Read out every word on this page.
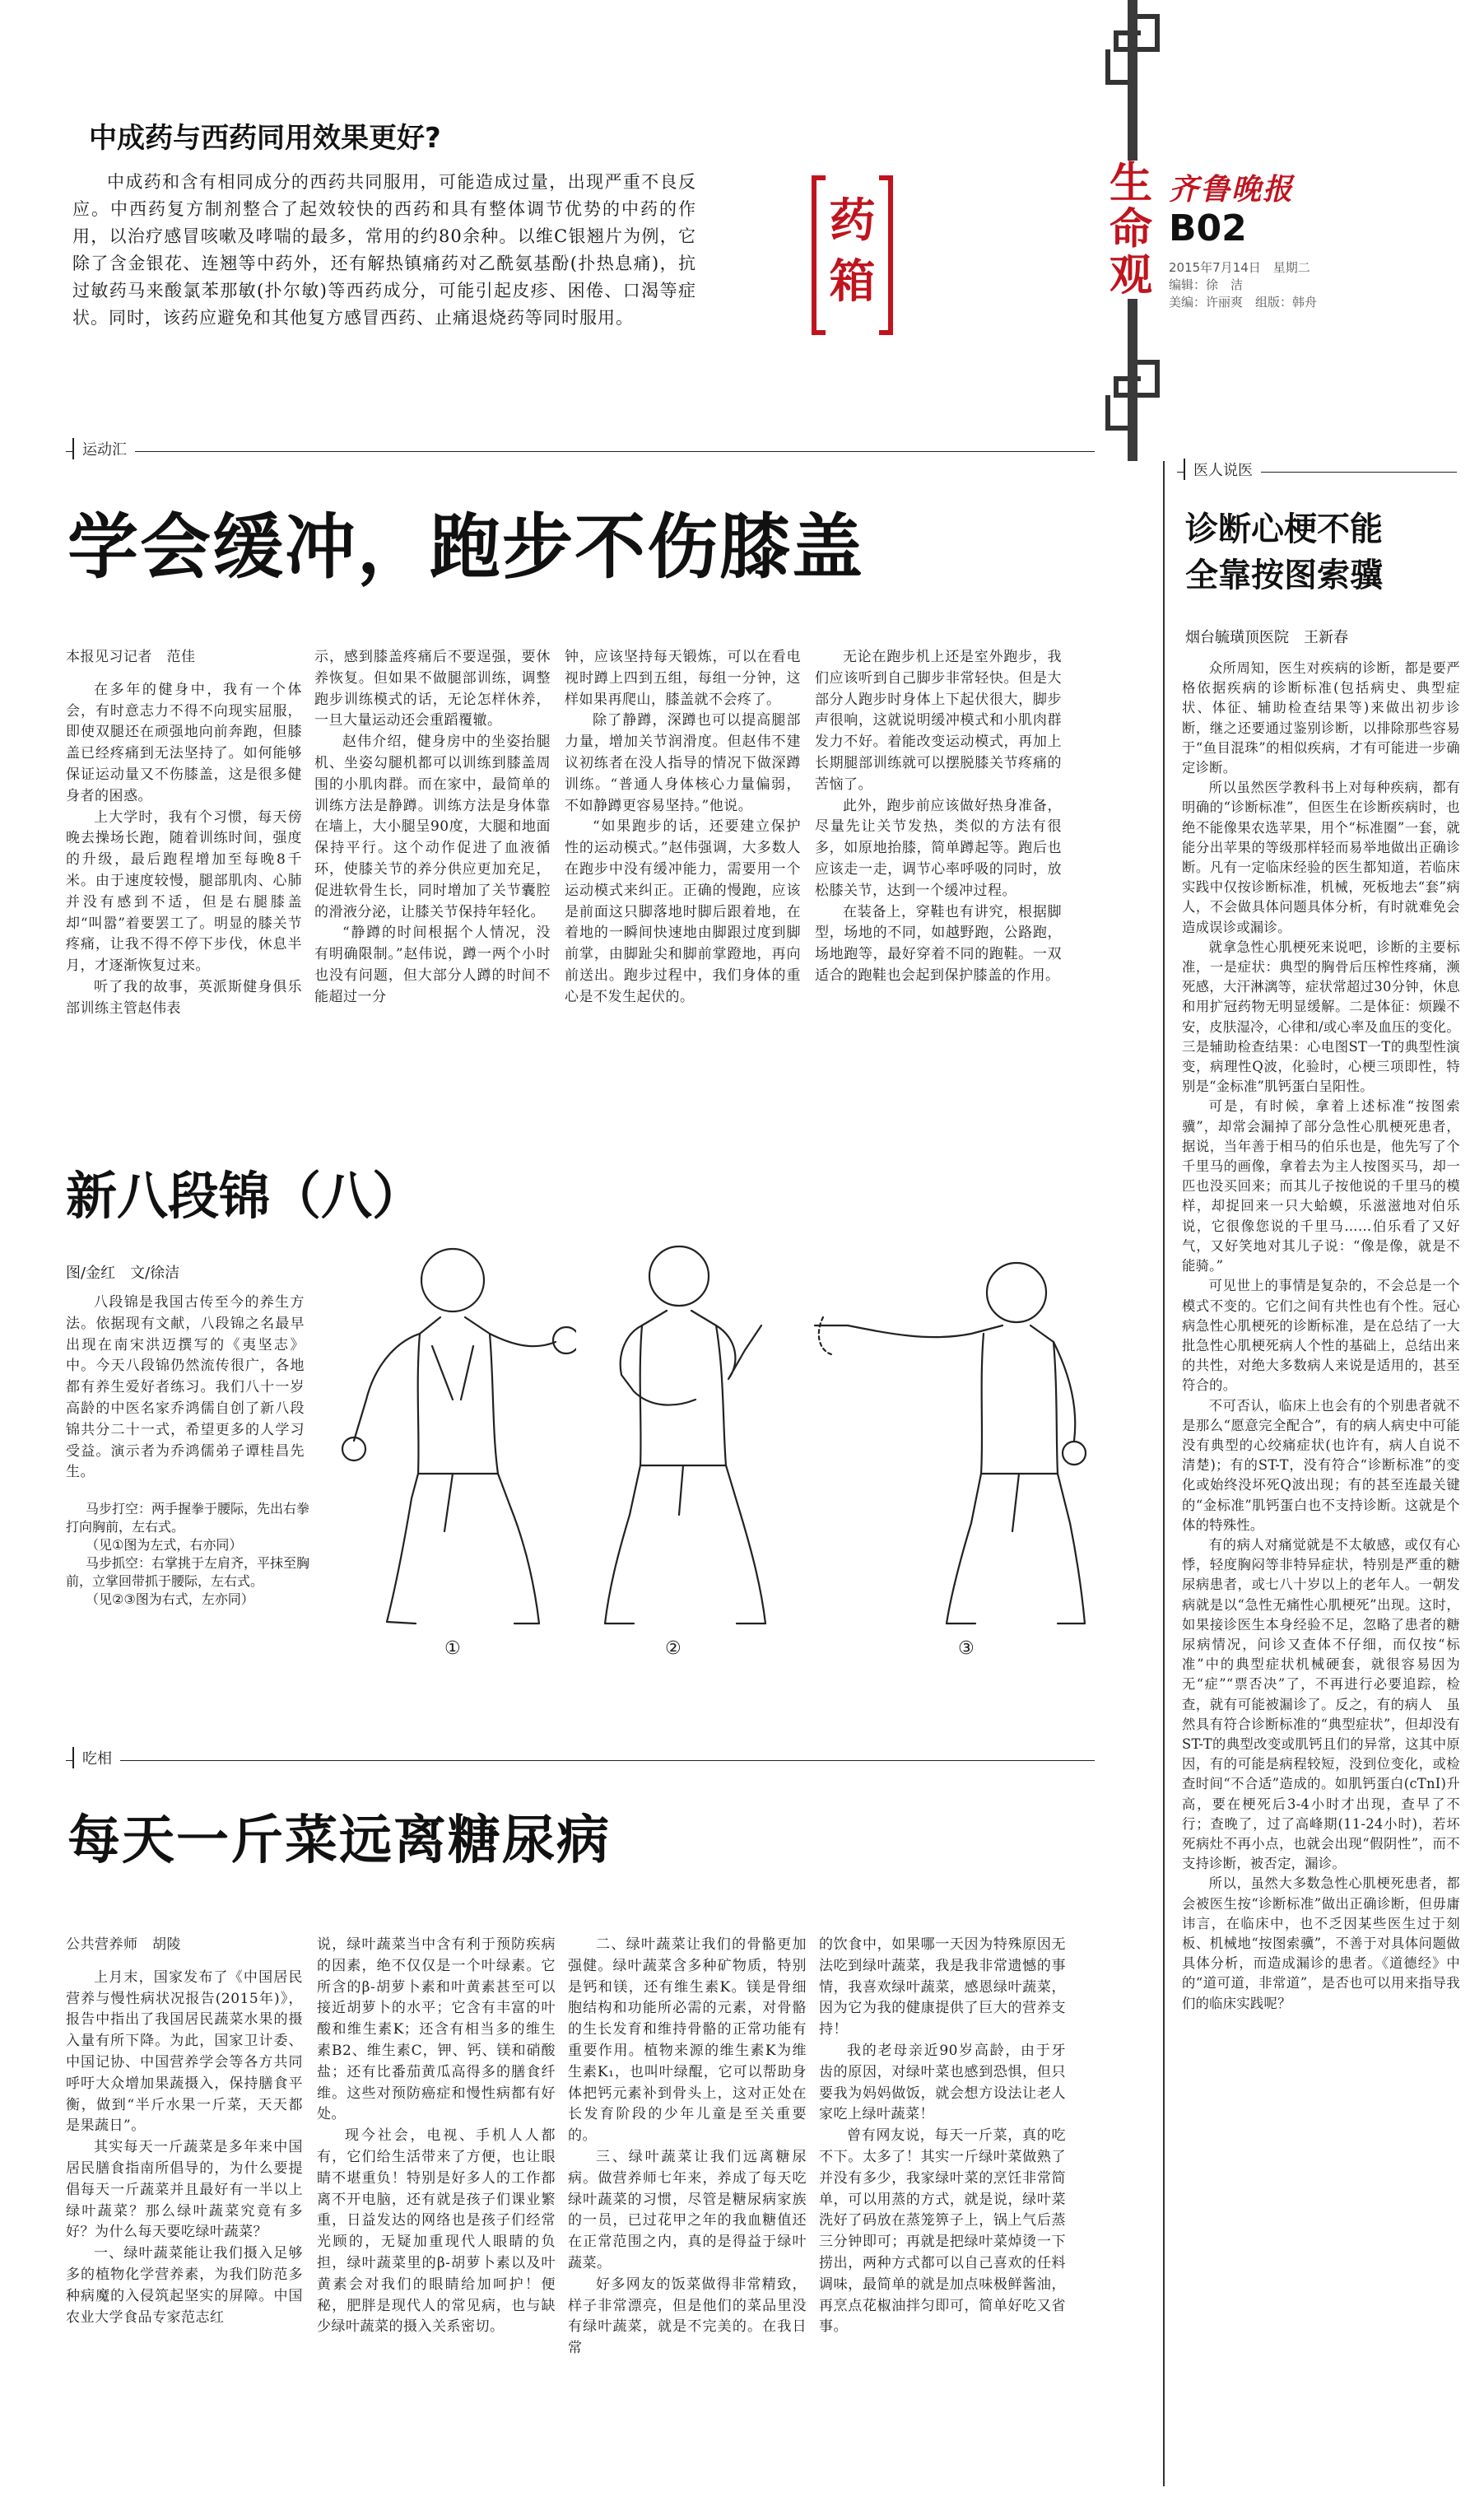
生
命
观
齐鲁晚报
B02
2015年7月14日　星期二
编辑：徐　洁
美编：许丽爽　组版：韩舟
中成药与西药同用效果更好?
中成药和含有相同成分的西药共同服用，可能造成过量，出现严重不良反应。中西药复方制剂整合了起效较快的西药和具有整体调节优势的中药的作用，以治疗感冒咳嗽及哮喘的最多，常用的约80余种。以维C银翘片为例，它除了含金银花、连翘等中药外，还有解热镇痛药对乙酰氨基酚(扑热息痛)，抗过敏药马来酸氯苯那敏(扑尔敏)等西药成分，可能引起皮疹、困倦、口渴等症状。同时，该药应避免和其他复方感冒西药、止痛退烧药等同时服用。
药
箱
运动汇
学会缓冲，跑步不伤膝盖

本报见习记者　范佳

在多年的健身中，我有一个体会，有时意志力不得不向现实屈服，即使双腿还在顽强地向前奔跑，但膝盖已经疼痛到无法坚持了。如何能够保证运动量又不伤膝盖，这是很多健身者的困惑。

上大学时，我有个习惯，每天傍晚去操场长跑，随着训练时间，强度的升级，最后跑程增加至每晚8千米。由于速度较慢，腿部肌肉、心肺并没有感到不适，但是右腿膝盖却“叫嚣”着要罢工了。明显的膝关节疼痛，让我不得不停下步伐，休息半月，才逐渐恢复过来。

听了我的故事，英派斯健身俱乐部训练主管赵伟表

示，感到膝盖疼痛后不要逞强，要休养恢复。但如果不做腿部训练，调整跑步训练模式的话，无论怎样休养，一旦大量运动还会重蹈覆辙。

赵伟介绍，健身房中的坐姿抬腿机、坐姿勾腿机都可以训练到膝盖周围的小肌肉群。而在家中，最简单的训练方法是静蹲。训练方法是身体靠在墙上，大小腿呈90度，大腿和地面保持平行。这个动作促进了血液循环，使膝关节的养分供应更加充足，促进软骨生长，同时增加了关节囊腔的滑液分泌，让膝关节保持年轻化。

“静蹲的时间根据个人情况，没有明确限制。”赵伟说，蹲一两个小时也没有问题，但大部分人蹲的时间不能超过一分

钟，应该坚持每天锻炼，可以在看电视时蹲上四到五组，每组一分钟，这样如果再爬山，膝盖就不会疼了。

除了静蹲，深蹲也可以提高腿部力量，增加关节润滑度。但赵伟不建议初练者在没人指导的情况下做深蹲训练。“普通人身体核心力量偏弱，不如静蹲更容易坚持。”他说。

“如果跑步的话，还要建立保护性的运动模式。”赵伟强调，大多数人在跑步中没有缓冲能力，需要用一个运动模式来纠正。正确的慢跑，应该是前面这只脚落地时脚后跟着地，在着地的一瞬间快速地由脚跟过度到脚前掌，由脚趾尖和脚前掌蹬地，再向前送出。跑步过程中，我们身体的重心是不发生起伏的。

无论在跑步机上还是室外跑步，我们应该听到自己脚步非常轻快。但是大部分人跑步时身体上下起伏很大，脚步声很响，这就说明缓冲模式和小肌肉群发力不好。着能改变运动模式，再加上长期腿部训练就可以摆脱膝关节疼痛的苦恼了。

此外，跑步前应该做好热身准备，尽量先让关节发热，类似的方法有很多，如原地抬膝，简单蹲起等。跑后也应该走一走，调节心率呼吸的同时，放松膝关节，达到一个缓冲过程。

在装备上，穿鞋也有讲究，根据脚型，场地的不同，如越野跑，公路跑，场地跑等，最好穿着不同的跑鞋。一双适合的跑鞋也会起到保护膝盖的作用。

新八段锦（八）
图/金红　文/徐洁

八段锦是我国古传至今的养生方法。依据现有文献，八段锦之名最早出现在南宋洪迈撰写的《夷坚志》中。今天八段锦仍然流传很广，各地都有养生爱好者练习。我们八十一岁高龄的中医名家乔鸿儒自创了新八段锦共分二十一式，希望更多的人学习受益。演示者为乔鸿儒弟子谭桂昌先生。

马步打空：两手握拳于腰际，先出右拳打向胸前，左右式。
（见①图为左式，右亦同）
马步抓空：右掌挑于左肩齐，平抹至胸前，立掌回带抓于腰际，左右式。
（见②③图为右式，左亦同）
①	②	③
吃相
每天一斤菜远离糖尿病

公共营养师　胡陵

上月末，国家发布了《中国居民营养与慢性病状况报告(2015年)》，报告中指出了我国居民蔬菜水果的摄入量有所下降。为此，国家卫计委、中国记协、中国营养学会等各方共同呼吁大众增加果蔬摄入，保持膳食平衡，做到“半斤水果一斤菜，天天都是果蔬日”。

其实每天一斤蔬菜是多年来中国居民膳食指南所倡导的，为什么要提倡每天一斤蔬菜并且最好有一半以上绿叶蔬菜？那么绿叶蔬菜究竟有多好？为什么每天要吃绿叶蔬菜？

一、绿叶蔬菜能让我们摄入足够多的植物化学营养素，为我们防范多种病魔的入侵筑起坚实的屏障。中国农业大学食品专家范志红

说，绿叶蔬菜当中含有利于预防疾病的因素，绝不仅仅是一个叶绿素。它所含的β-胡萝卜素和叶黄素甚至可以接近胡萝卜的水平；它含有丰富的叶酸和维生素K；还含有相当多的维生素B2、维生素C，钾、钙、镁和硝酸盐；还有比番茄黄瓜高得多的膳食纤维。这些对预防癌症和慢性病都有好处。

现今社会，电视、手机人人都有，它们给生活带来了方便，也让眼睛不堪重负！特别是好多人的工作都离不开电脑，还有就是孩子们课业繁重，日益发达的网络也是孩子们经常光顾的，无疑加重现代人眼睛的负担，绿叶蔬菜里的β-胡萝卜素以及叶黄素会对我们的眼睛给加呵护！便秘，肥胖是现代人的常见病，也与缺少绿叶蔬菜的摄入关系密切。

二、绿叶蔬菜让我们的骨骼更加强健。绿叶蔬菜含多种矿物质，特别是钙和镁，还有维生素K。镁是骨细胞结构和功能所必需的元素，对骨骼的生长发育和维持骨骼的正常功能有重要作用。植物来源的维生素K为维生素K₁，也叫叶绿醌，它可以帮助身体把钙元素补到骨头上，这对正处在长发育阶段的少年儿童是至关重要的。

三、绿叶蔬菜让我们远离糖尿病。做营养师七年来，养成了每天吃绿叶蔬菜的习惯，尽管是糖尿病家族的一员，已过花甲之年的我血糖值还在正常范围之内，真的是得益于绿叶蔬菜。

好多网友的饭菜做得非常精致，样子非常漂亮，但是他们的菜品里没有绿叶蔬菜，就是不完美的。在我日常

的饮食中，如果哪一天因为特殊原因无法吃到绿叶蔬菜，我是我非常遗憾的事情，我喜欢绿叶蔬菜，感恩绿叶蔬菜，因为它为我的健康提供了巨大的营养支持！

我的老母亲近90岁高龄，由于牙齿的原因，对绿叶菜也感到恐惧，但只要我为妈妈做饭，就会想方设法让老人家吃上绿叶蔬菜！

曾有网友说，每天一斤菜，真的吃不下。太多了！其实一斤绿叶菜做熟了并没有多少，我家绿叶菜的烹饪非常简单，可以用蒸的方式，就是说，绿叶菜洗好了码放在蒸笼箅子上，锅上气后蒸三分钟即可；再就是把绿叶菜焯烫一下捞出，两种方式都可以自己喜欢的任料调味，最简单的就是加点味极鲜酱油，再烹点花椒油拌匀即可，简单好吃又省事。

医人说医
诊断心梗不能
全靠按图索骥
烟台毓璜顶医院　王新春

众所周知，医生对疾病的诊断，都是要严格依据疾病的诊断标准(包括病史、典型症状、体征、辅助检查结果等)来做出初步诊断，继之还要通过鉴别诊断，以排除那些容易于“鱼目混珠”的相似疾病，才有可能进一步确定诊断。

所以虽然医学教科书上对每种疾病，都有明确的“诊断标准”，但医生在诊断疾病时，也绝不能像果农选苹果，用个“标准圈”一套，就能分出苹果的等级那样轻而易举地做出正确诊断。凡有一定临床经验的医生都知道，若临床实践中仅按诊断标准，机械，死板地去“套”病人，不会做具体问题具体分析，有时就难免会造成误诊或漏诊。

就拿急性心肌梗死来说吧，诊断的主要标准，一是症状：典型的胸骨后压榨性疼痛，濒死感，大汗淋漓等，症状常超过30分钟，休息和用扩冠药物无明显缓解。二是体征：烦躁不安，皮肤湿冷，心律和/或心率及血压的变化。三是辅助检查结果：心电图ST一T的典型性演变，病理性Q波，化验时，心梗三项即性，特别是“金标准”肌钙蛋白呈阳性。

可是，有时候，拿着上述标准“按图索骥”，却常会漏掉了部分急性心肌梗死患者，据说，当年善于相马的伯乐也是，他先写了个千里马的画像，拿着去为主人按图买马，却一匹也没买回来；而其儿子按他说的千里马的模样，却捉回来一只大蛤蟆，乐滋滋地对伯乐说，它很像您说的千里马……伯乐看了又好气，又好笑地对其儿子说：“像是像，就是不能骑。”

可见世上的事情是复杂的，不会总是一个模式不变的。它们之间有共性也有个性。冠心病急性心肌梗死的诊断标准，是在总结了一大批急性心肌梗死病人个性的基础上，总结出来的共性，对绝大多数病人来说是适用的，甚至符合的。

不可否认，临床上也会有的个别患者就不是那么“愿意完全配合”，有的病人病史中可能没有典型的心绞痛症状(也许有，病人自说不清楚)；有的ST-T，没有符合“诊断标准”的变化或始终没坏死Q波出现；有的甚至连最关键的“金标准”肌钙蛋白也不支持诊断。这就是个体的特殊性。

有的病人对痛觉就是不太敏感，或仅有心悸，轻度胸闷等非特异症状，特别是严重的糖尿病患者，或七八十岁以上的老年人。一朝发病就是以“急性无痛性心肌梗死”出现。这时，如果接诊医生本身经验不足，忽略了患者的糖尿病情况，问诊又查体不仔细，而仅按“标准”中的典型症状机械硬套，就很容易因为无“症”“票否决”了，不再进行必要追踪，检查，就有可能被漏诊了。反之，有的病人　虽然具有符合诊断标准的“典型症状”，但却没有ST-T的典型改变或肌钙且们的异常，这其中原因，有的可能是病程较短，没到位变化，或检查时间“不合适”造成的。如肌钙蛋白(cTnI)升高，要在梗死后3-4小时才出现，查早了不行；查晚了，过了高峰期(11-24小时)，若坏死病灶不再小点，也就会出现“假阴性”，而不支持诊断，被否定，漏诊。

所以，虽然大多数急性心肌梗死患者，都会被医生按“诊断标准”做出正确诊断，但毋庸讳言，在临床中，也不乏因某些医生过于刻板、机械地“按图索骥”，不善于对具体问题做具体分析，而造成漏诊的患者。《道德经》中的“道可道，非常道”，是否也可以用来指导我们的临床实践呢？
